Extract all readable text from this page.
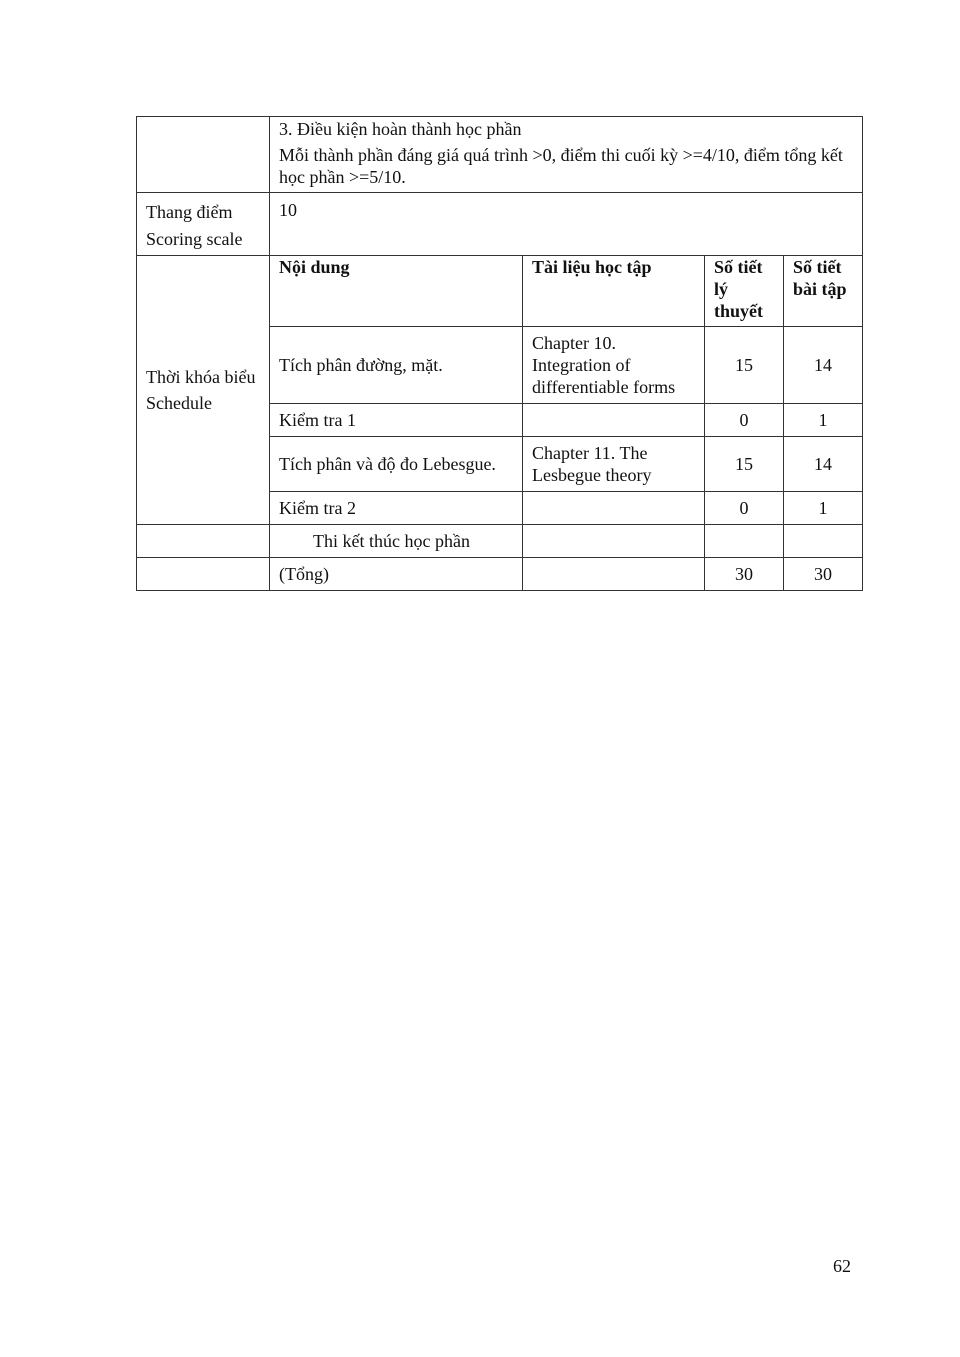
	3. Điều kiện hoàn thành học phần
Mỗi thành phần đáng giá quá trình >0, điểm thi cuối kỳ >=4/10, điểm tổng kết học phần >=5/10.			

Thang điểm
Scoring scale	10			

Thời khóa biểu
Schedule	Nội dung	Tài liệu học tập	Số tiết lý thuyết	Số tiết bài tập
	Tích phân đường, mặt.	Chapter 10. Integration of differentiable forms	15	14
	Kiểm tra 1		0	1
	Tích phân và độ đo Lebesgue.	Chapter 11. The Lesbegue theory	15	14
	Kiểm tra 2		0	1
	Thi kết thúc học phần			
	(Tổng)		30	30
62
